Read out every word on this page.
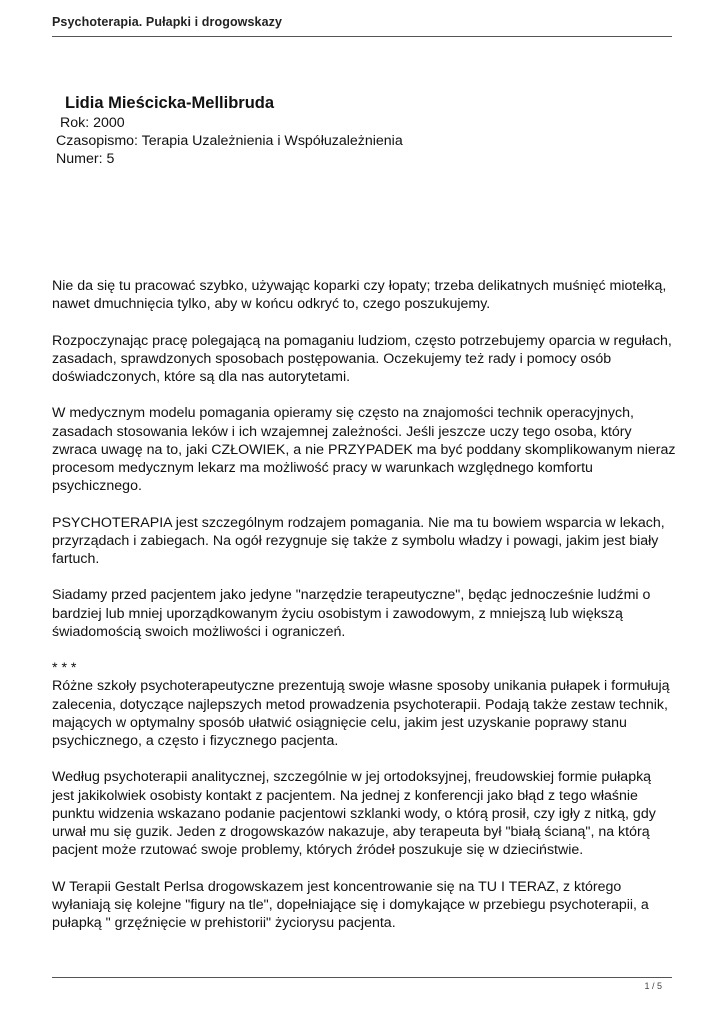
Psychoterapia. Pułapki i drogowskazy
Lidia Mieścicka-Mellibruda
Rok: 2000
Czasopismo: Terapia Uzależnienia i Współuzależnienia
Numer: 5
Nie da się tu pracować szybko, używając koparki czy łopaty; trzeba delikatnych muśnięć miotełką, nawet dmuchnięcia tylko, aby w końcu odkryć to, czego poszukujemy.
Rozpoczynając pracę polegającą na pomaganiu ludziom, często potrzebujemy oparcia w regułach, zasadach, sprawdzonych sposobach postępowania. Oczekujemy też rady i pomocy osób doświadczonych, które są dla nas autorytetami.
W medycznym modelu pomagania opieramy się często na znajomości technik operacyjnych, zasadach stosowania leków i ich wzajemnej zależności. Jeśli jeszcze uczy tego osoba, który zwraca uwagę na to, jaki CZŁOWIEK, a nie PRZYPADEK ma być poddany skomplikowanym nieraz procesom medycznym lekarz ma możliwość pracy w warunkach względnego komfortu psychicznego.
PSYCHOTERAPIA jest szczególnym rodzajem pomagania. Nie ma tu bowiem wsparcia w lekach, przyrządach i zabiegach. Na ogół rezygnuje się także z symbolu władzy i powagi, jakim jest biały fartuch.
Siadamy przed pacjentem jako jedyne "narzędzie terapeutyczne", będąc jednocześnie ludźmi o bardziej lub mniej uporządkowanym życiu osobistym i zawodowym, z mniejszą lub większą świadomością swoich możliwości i ograniczeń.
* * *
Różne szkoły psychoterapeutyczne prezentują swoje własne sposoby unikania pułapek i formułują zalecenia, dotyczące najlepszych metod prowadzenia psychoterapii. Podają także zestaw technik, mających w optymalny sposób ułatwić osiągnięcie celu, jakim jest uzyskanie poprawy stanu psychicznego, a często i fizycznego pacjenta.
Według psychoterapii analitycznej, szczególnie w jej ortodoksyjnej, freudowskiej formie pułapką jest jakikolwiek osobisty kontakt z pacjentem. Na jednej z konferencji jako błąd z tego właśnie punktu widzenia wskazano podanie pacjentowi szklanki wody, o którą prosił, czy igły z nitką, gdy urwał mu się guzik. Jeden z drogowskazów nakazuje, aby terapeuta był "białą ścianą", na którą pacjent może rzutować swoje problemy, których źródeł poszukuje się w dzieciństwie.
W Terapii Gestalt Perlsa drogowskazem jest koncentrowanie się na TU I TERAZ, z którego wyłaniają się kolejne "figury na tle", dopełniające się i domykające w przebiegu psychoterapii, a pułapką " grzęźnięcie w prehistorii" życiorysu pacjenta.
1 / 5
